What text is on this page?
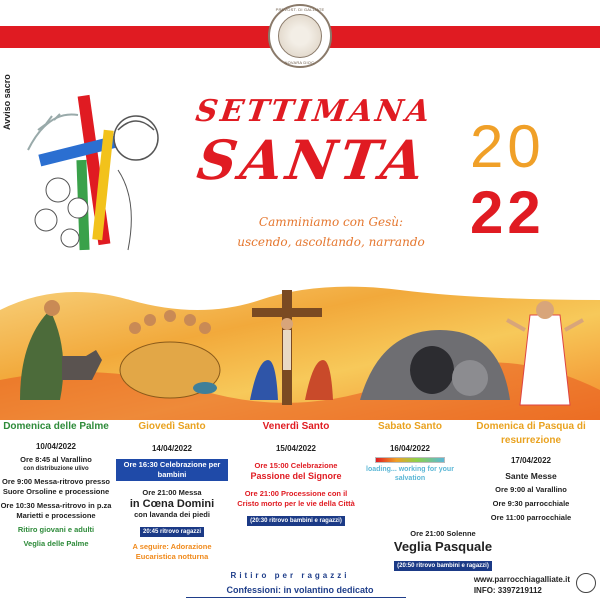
PREVOST. DI GALLIATE
NOVARA DIOC.
Avviso sacro	SETTIMANA
SANTA
Camminiamo con Gesù:
uscendo, ascoltando, narrando
20
22
Domenica delle Palme
10/04/2022
Ore 8:45 al Varallino
con distribuzione ulivo
Ore 9:00 Messa-ritrovo presso Suore Orsoline e processione
Ore 10:30 Messa-ritrovo in p.za Marietti e processione
Ritiro giovani e adulti
Veglia delle Palme
Giovedì Santo
14/04/2022
Ore 16:30 Celebrazione per bambini
Ore 21:00 Messa
in Cœna Domini
con lavanda dei piedi
20:45 ritrovo ragazzi
A seguire: Adorazione Eucaristica notturna
Venerdì Santo
15/04/2022
Ore 15:00 Celebrazione
Passione del Signore
Ore 21:00 Processione con il Cristo morto per le vie della Città
(20:30 ritrovo bambini e ragazzi)
Sabato Santo
16/04/2022
loading... working for your salvation
Ore 21:00 Solenne
Veglia Pasquale
(20:50 ritrovo bambini e ragazzi)
Domenica di Pasqua di resurrezione
17/04/2022
Sante Messe
Ore 9:00 al Varallino
Ore 9:30 parrocchiale
Ore 11:00 parrocchiale
Ritiro per ragazzi
Confessioni: in volantino dedicato
www.parrocchiagalliate.it
INFO: 3397219112
